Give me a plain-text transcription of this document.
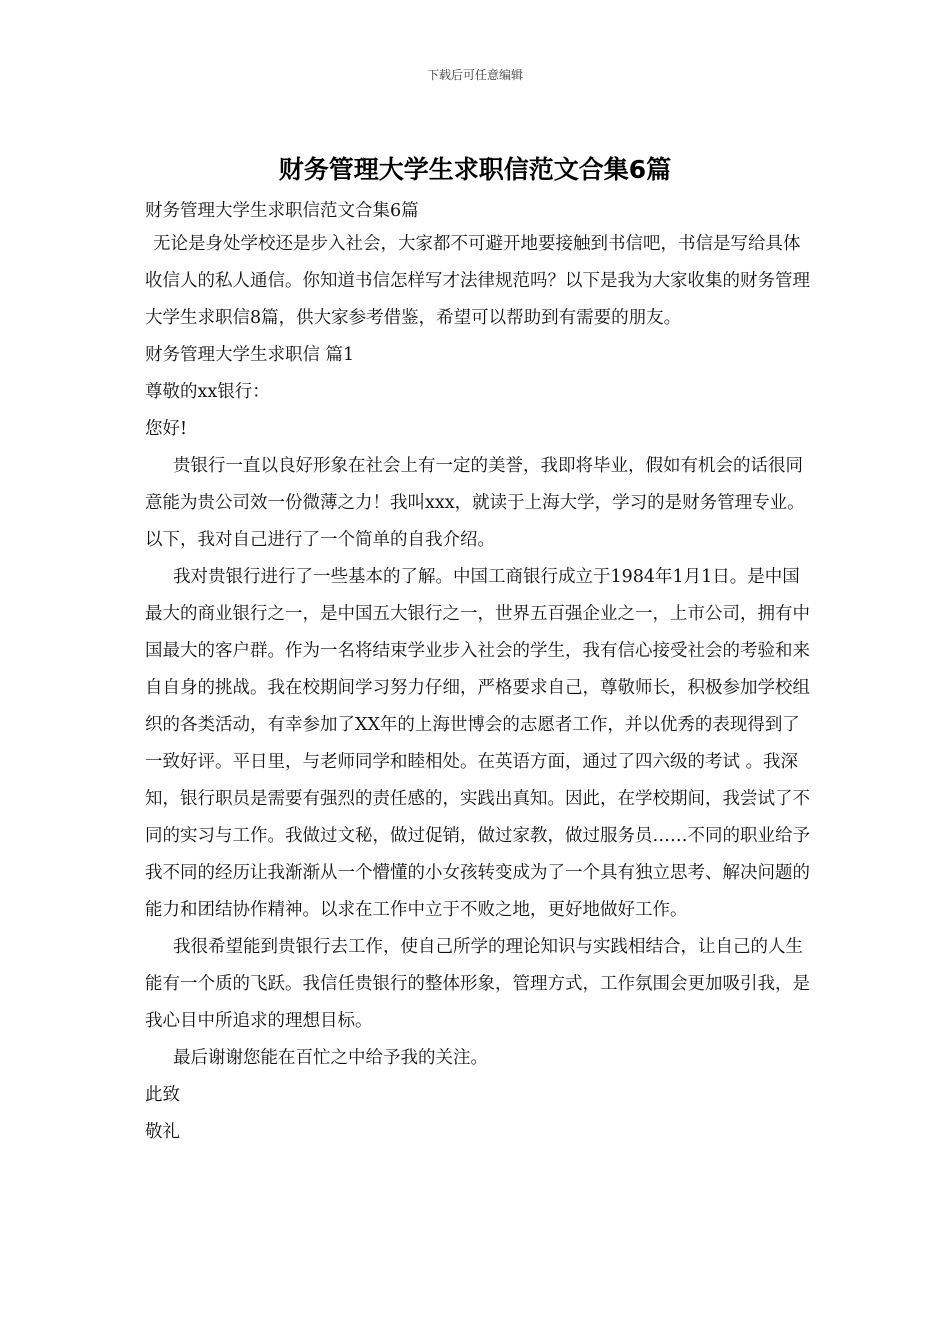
下载后可任意编辑
财务管理大学生求职信范文合集6篇

财务管理大学生求职信范文合集6篇

无论是身处学校还是步入社会，大家都不可避开地要接触到书信吧，书信是写给具体收信人的私人通信。你知道书信怎样写才法律规范吗？以下是我为大家收集的财务管理大学生求职信8篇，供大家参考借鉴，希望可以帮助到有需要的朋友。

财务管理大学生求职信 篇1

尊敬的xx银行：

您好!

贵银行一直以良好形象在社会上有一定的美誉，我即将毕业，假如有机会的话很同意能为贵公司效一份微薄之力！我叫xxx，就读于上海大学，学习的是财务管理专业。以下，我对自己进行了一个简单的自我介绍。

我对贵银行进行了一些基本的了解。中国工商银行成立于1984年1月1日。是中国最大的商业银行之一，是中国五大银行之一，世界五百强企业之一，上市公司，拥有中国最大的客户群。作为一名将结束学业步入社会的学生，我有信心接受社会的考验和来自自身的挑战。我在校期间学习努力仔细，严格要求自己，尊敬师长，积极参加学校组织的各类活动，有幸参加了XX年的上海世博会的志愿者工作，并以优秀的表现得到了一致好评。平日里，与老师同学和睦相处。在英语方面，通过了四六级的考试 。我深知，银行职员是需要有强烈的责任感的，实践出真知。因此，在学校期间，我尝试了不同的实习与工作。我做过文秘，做过促销，做过家教，做过服务员……不同的职业给予我不同的经历让我渐渐从一个懵懂的小女孩转变成为了一个具有独立思考、解决问题的能力和团结协作精神。以求在工作中立于不败之地，更好地做好工作。

我很希望能到贵银行去工作，使自己所学的理论知识与实践相结合，让自己的人生能有一个质的飞跃。我信任贵银行的整体形象，管理方式，工作氛围会更加吸引我，是我心目中所追求的理想目标。

最后谢谢您能在百忙之中给予我的关注。

此致

敬礼
